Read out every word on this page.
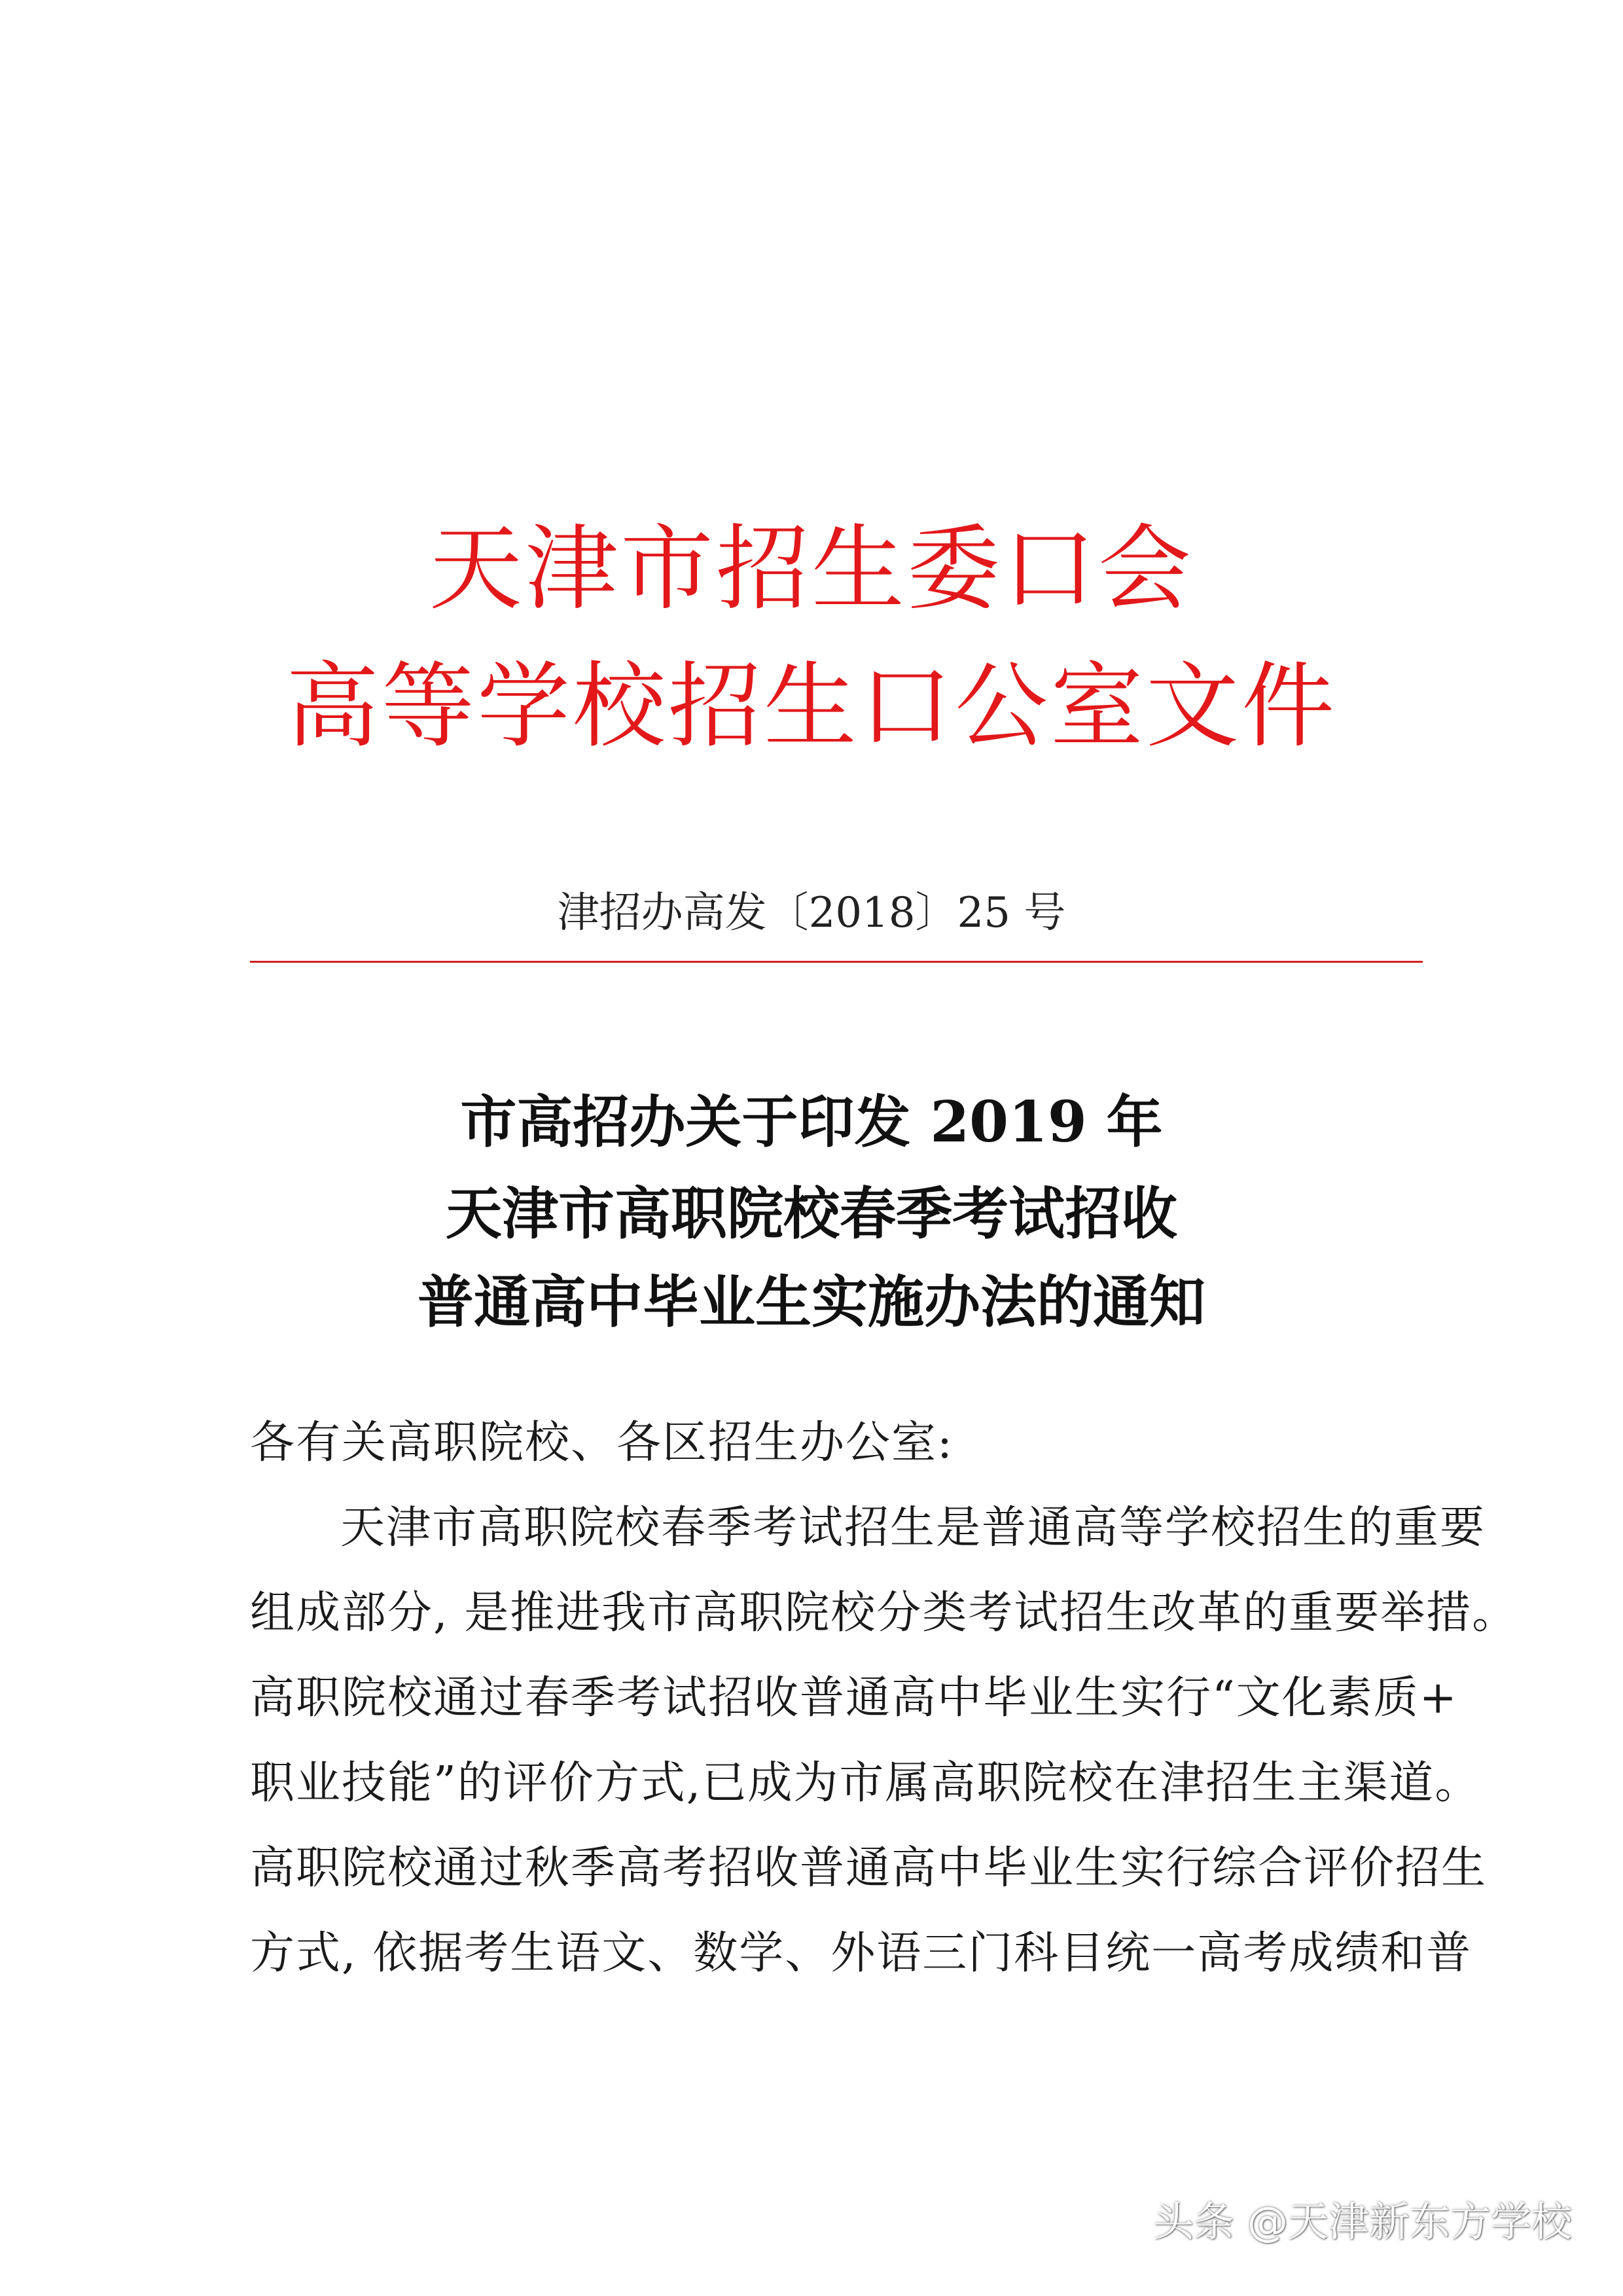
天津市招生委口会
高等学校招生口公室文件
津招办高发〔2018〕25 号
市高招办关于印发 2019 年
天津市高职院校春季考试招收
普通高中毕业生实施办法的通知
各有关高职院校、各区招生办公室:
天津市高职院校春季考试招生是普通高等学校招生的重要
组成部分, 是推进我市高职院校分类考试招生改革的重要举措。
高职院校通过春季考试招收普通高中毕业生实行“文化素质+
职业技能”的评价方式,已成为市属高职院校在津招生主渠道。
高职院校通过秋季高考招收普通高中毕业生实行综合评价招生
方式, 依据考生语文、数学、外语三门科目统一高考成绩和普
头条 @天津新东方学校
